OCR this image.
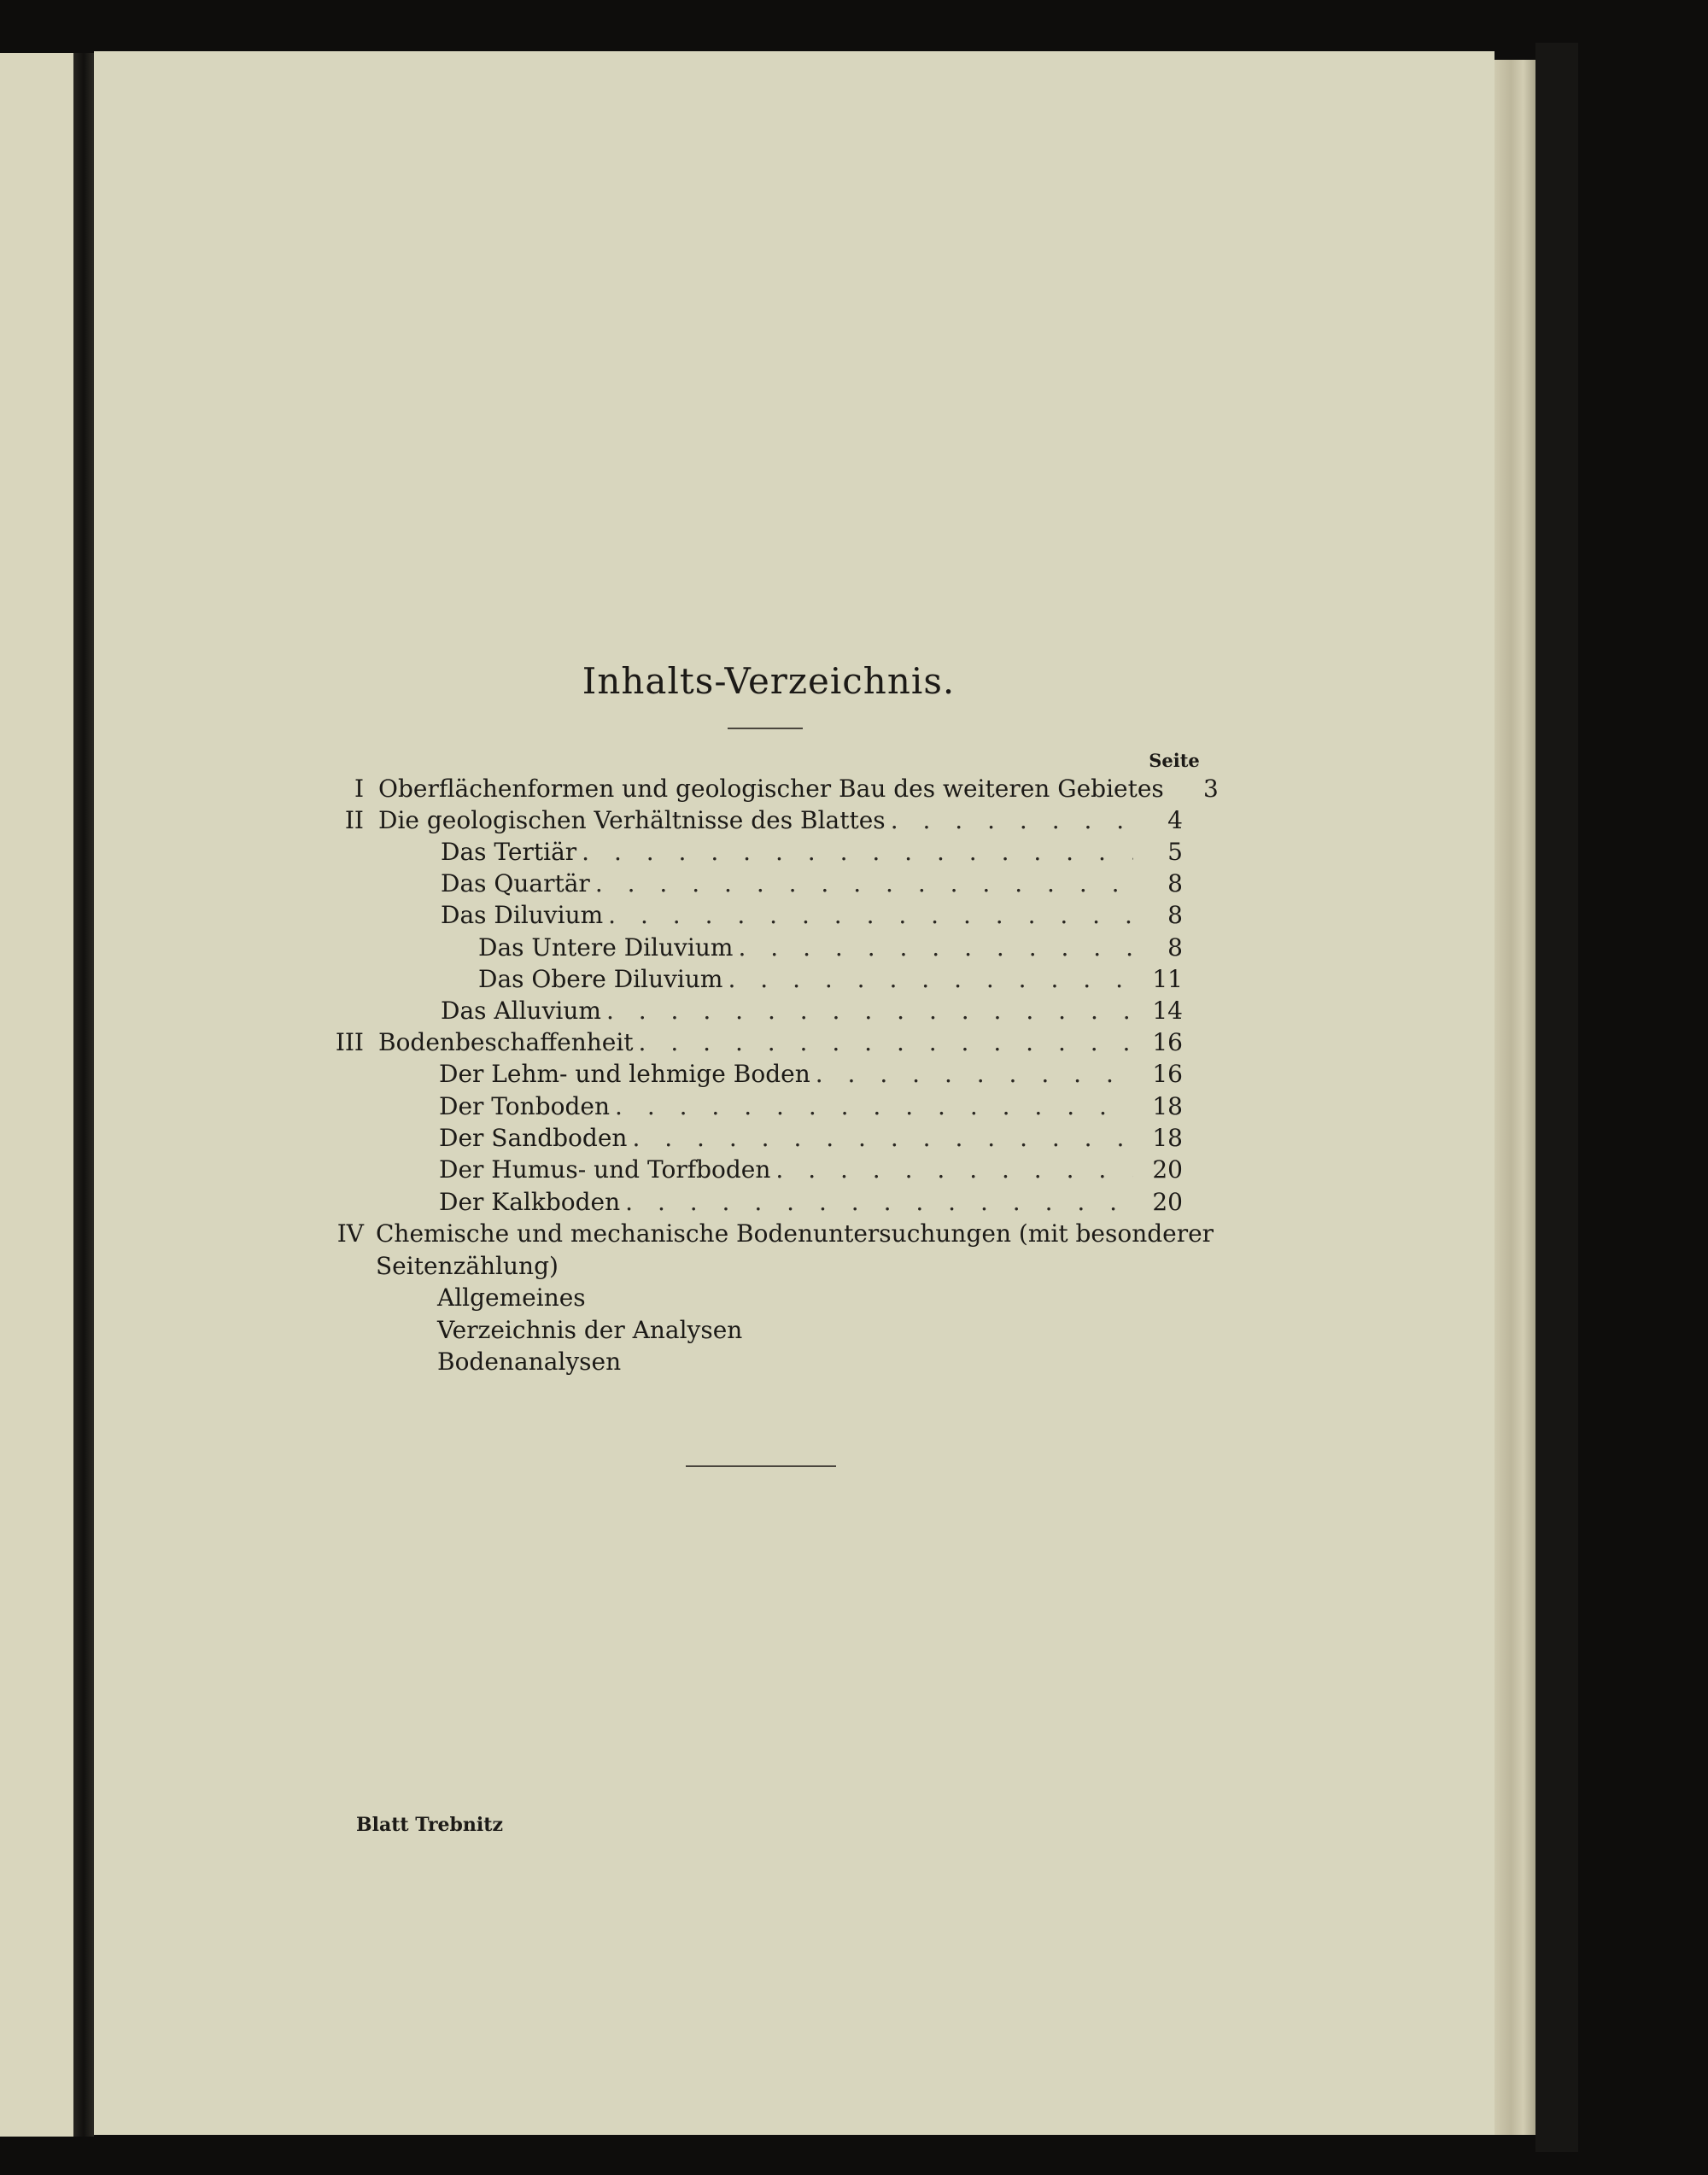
Inhalts-Verzeichnis.
Seite
I Oberflächenformen und geologischer Bau des weiteren Gebietes	3
II Die geologischen Verhältnisse des Blattes . . .	4
Das Tertiär . . .	5
Das Quartär . . .	8
Das Diluvium . . .	8
Das Untere Diluvium . . .	8
Das Obere Diluvium . . .	11
Das Alluvium . . .	14
III Bodenbeschaffenheit . . .	16
Der Lehm- und lehmige Boden . . .	16
Der Tonboden . . .	18
Der Sandboden . . .	18
Der Humus- und Torfboden . . .	20
Der Kalkboden . . .	20
IV Chemische und mechanische Bodenuntersuchungen (mit besonderer
Seitenzählung)
Allgemeines
Verzeichnis der Analysen
Bodenanalysen
Blatt Trebnitz
